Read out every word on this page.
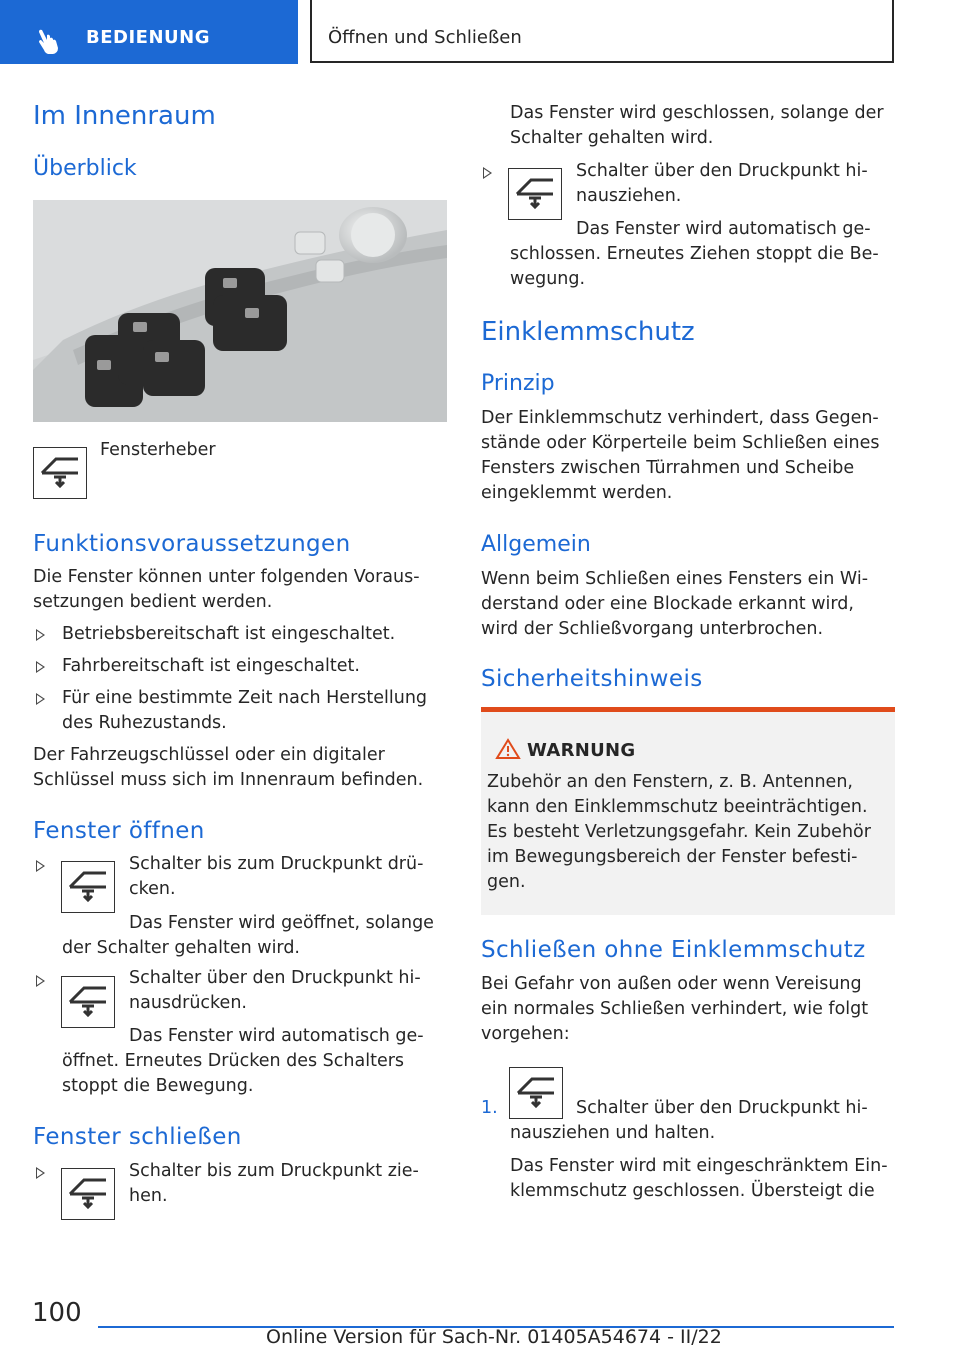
BEDIENUNG	Öffnen und Schließen
Im Innenraum
Überblick
Fensterheber
Funktionsvoraussetzungen
Die Fenster können unter folgenden Voraus-
setzungen bedient werden.
Betriebsbereitschaft ist eingeschaltet.
Fahrbereitschaft ist eingeschaltet.
Für eine bestimmte Zeit nach Herstellung
des Ruhezustands.
Der Fahrzeugschlüssel oder ein digitaler
Schlüssel muss sich im Innenraum befinden.
Fenster öffnen
Schalter bis zum Druckpunkt drü-
cken.
Das Fenster wird geöffnet, solange
der Schalter gehalten wird.
Schalter über den Druckpunkt hi-
nausdrücken.
Das Fenster wird automatisch ge-
öffnet. Erneutes Drücken des Schalters
stoppt die Bewegung.
Fenster schließen
Schalter bis zum Druckpunkt zie-
hen.
Das Fenster wird geschlossen, solange der
Schalter gehalten wird.
Schalter über den Druckpunkt hi-
nausziehen.
Das Fenster wird automatisch ge-
schlossen. Erneutes Ziehen stoppt die Be-
wegung.
Einklemmschutz
Prinzip
Der Einklemmschutz verhindert, dass Gegen-
stände oder Körperteile beim Schließen eines
Fensters zwischen Türrahmen und Scheibe
eingeklemmt werden.
Allgemein
Wenn beim Schließen eines Fensters ein Wi-
derstand oder eine Blockade erkannt wird,
wird der Schließvorgang unterbrochen.
Sicherheitshinweis
WARNUNG
Zubehör an den Fenstern, z. B. Antennen,
kann den Einklemmschutz beeinträchtigen.
Es besteht Verletzungsgefahr. Kein Zubehör
im Bewegungsbereich der Fenster befesti-
gen.
Schließen ohne Einklemmschutz
Bei Gefahr von außen oder wenn Vereisung
ein normales Schließen verhindert, wie folgt
vorgehen:
1.	Schalter über den Druckpunkt hi-
nausziehen und halten.
Das Fenster wird mit eingeschränktem Ein-
klemmschutz geschlossen. Übersteigt die
100
Online Version für Sach-Nr. 01405A54674 - II/22
